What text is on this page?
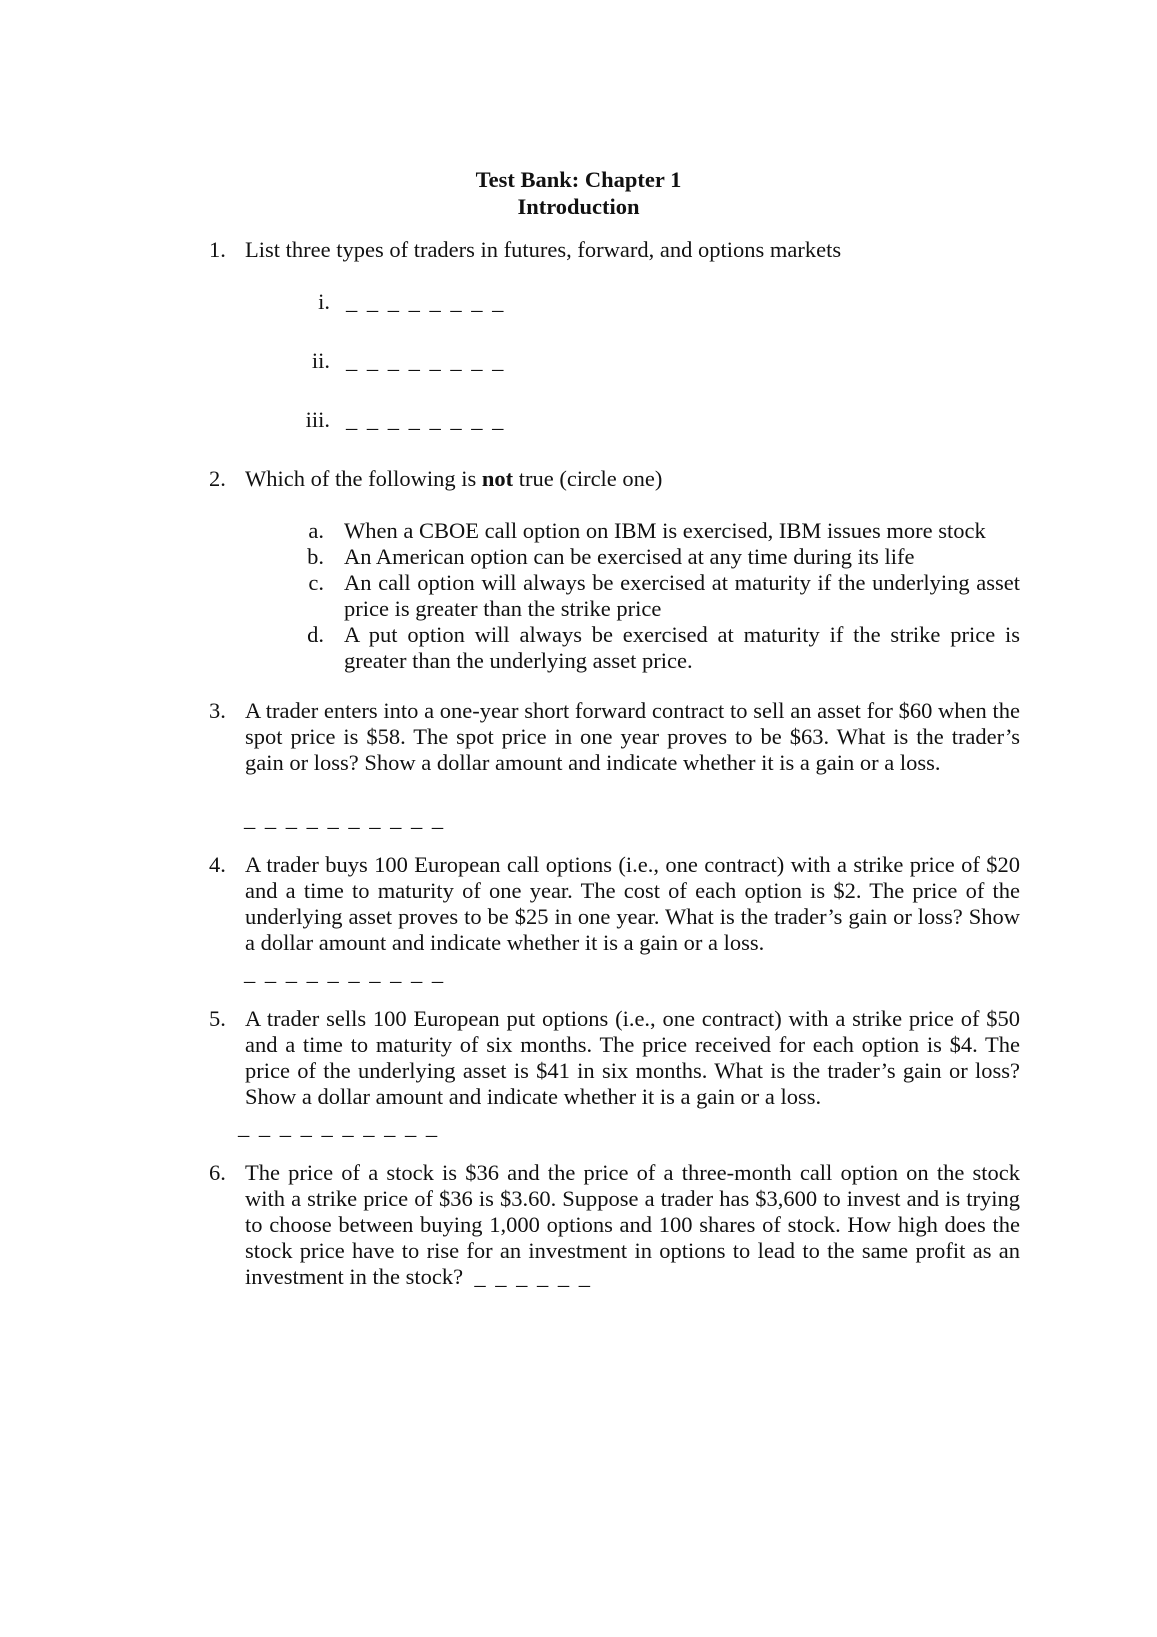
Test Bank: Chapter 1
Introduction
1. List three types of traders in futures, forward, and options markets
i. _ _ _ _ _ _ _ _
ii. _ _ _ _ _ _ _ _
iii. _ _ _ _ _ _ _ _
2. Which of the following is not true (circle one)
a. When a CBOE call option on IBM is exercised, IBM issues more stock
b. An American option can be exercised at any time during its life
c. An call option will always be exercised at maturity if the underlying asset price is greater than the strike price
d. A put option will always be exercised at maturity if the strike price is greater than the underlying asset price.
3. A trader enters into a one-year short forward contract to sell an asset for $60 when the spot price is $58. The spot price in one year proves to be $63. What is the trader’s gain or loss? Show a dollar amount and indicate whether it is a gain or a loss.
_ _ _ _ _ _ _ _ _ _
4. A trader buys 100 European call options (i.e., one contract) with a strike price of $20 and a time to maturity of one year. The cost of each option is $2. The price of the underlying asset proves to be $25 in one year. What is the trader’s gain or loss? Show a dollar amount and indicate whether it is a gain or a loss.
_ _ _ _ _ _ _ _ _ _
5. A trader sells 100 European put options (i.e., one contract) with a strike price of $50 and a time to maturity of six months. The price received for each option is $4. The price of the underlying asset is $41 in six months. What is the trader’s gain or loss? Show a dollar amount and indicate whether it is a gain or a loss.
_ _ _ _ _ _ _ _ _ _
6. The price of a stock is $36 and the price of a three-month call option on the stock with a strike price of $36 is $3.60. Suppose a trader has $3,600 to invest and is trying to choose between buying 1,000 options and 100 shares of stock. How high does the stock price have to rise for an investment in options to lead to the same profit as an investment in the stock? _ _ _ _ _ _
